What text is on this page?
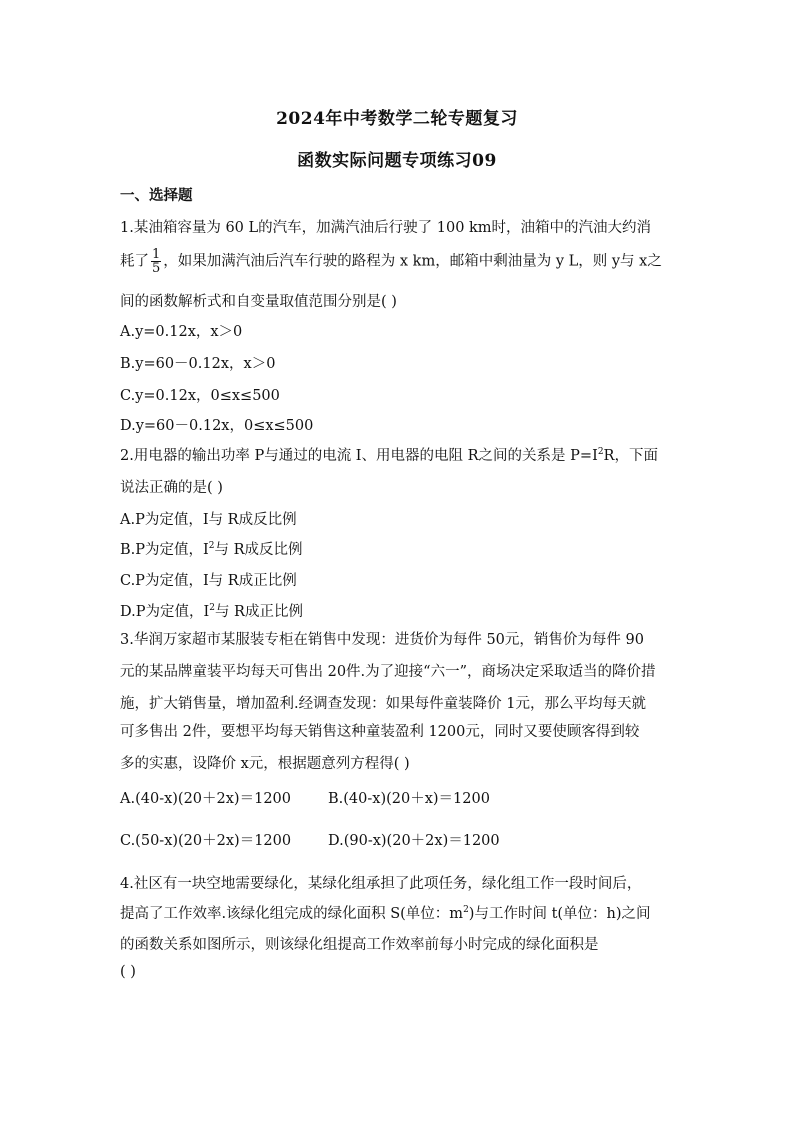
2024年中考数学二轮专题复习
函数实际问题专项练习09
一、选择题
1.某油箱容量为 60 L的汽车，加满汽油后行驶了 100 km时，油箱中的汽油大约消
耗了 $\frac{1}{5}$ ，如果加满汽油后汽车行驶的路程为 x km，邮箱中剩油量为 y L，则 y与 x之
间的函数解析式和自变量取值范围分别是( )
A.y=0.12x，x＞0
B.y=60－0.12x，x＞0
C.y=0.12x，0≤x≤500
D.y=60－0.12x，0≤x≤500
2.用电器的输出功率 P与通过的电流 I、用电器的电阻 R之间的关系是 $P=I^2R$，下面
说法正确的是( )
A.P为定值，I与 R成反比例
B.P为定值，$I^2$与 R成反比例
C.P为定值，I与 R成正比例
D.P为定值，$I^2$与 R成正比例
3.华润万家超市某服装专柜在销售中发现：进货价为每件 50元，销售价为每件 90
元的某品牌童装平均每天可售出 20件.为了迎接“六一”，商场决定采取适当的降价措
施，扩大销售量，增加盈利.经调查发现：如果每件童装降价 1元，那么平均每天就
可多售出 2件，要想平均每天销售这种童装盈利 1200元，同时又要使顾客得到较
多的实惠，设降价 x元，根据题意列方程得( )
A.(40-x)(20＋2x)＝1200	B.(40-x)(20＋x)＝1200
C.(50-x)(20＋2x)＝1200	D.(90-x)(20＋2x)＝1200
4.社区有一块空地需要绿化，某绿化组承担了此项任务，绿化组工作一段时间后，
提高了工作效率.该绿化组完成的绿化面积 S(单位：$m^2$)与工作时间 t(单位：h)之间
的函数关系如图所示，则该绿化组提高工作效率前每小时完成的绿化面积是
( )
